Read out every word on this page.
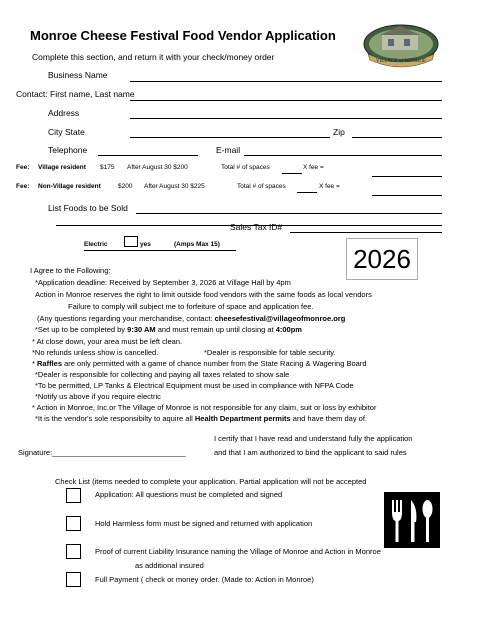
Monroe Cheese Festival Food Vendor Application
Complete this section, and return it with your check/money order	VILLAGE of MONROE
Business Name
Contact: First name, Last name
Address
City State	Zip
Telephone	E-mail
Fee: Village resident $175 After August 30 $200	Total # of spaces	X fee =
Fee: Non-Village resident	$200 After August 30 $225	Total # of spaces	X fee =
List Foods to be Sold
Sales Tax ID#
Electric	yes	(Amps Max 15)	2026
I Agree to the Following:
*Application deadline: Received by September 3, 2026 at Village Hall by 4pm
Action in Monroe reserves the right to limit outside food vendors with the same foods as local vendors
Failure to comply will subject me to forfeiture of space and application fee.
(Any questions regarding your merchandise, contact: cheesefestival@villageofmonroe.org
*Set up to be completed by 9:30 AM and must remain up until closing at 4:00pm
* At close down, your area must be left clean.
*No refunds unless show is cancelled.	*Dealer is responsible for table security.
* Raffles are only permitted with a game of chance number from the State Racing & Wagering Board
*Dealer is responsible for collecting and paying all taxes related to show sale
*To be permitted, LP Tanks & Electrical Equipment must be used in compliance with NFPA Code
*Notify us above if you require electric
* Action in Monroe, Inc.or The Village of Monroe is not responsible for any claim, suit or loss by exhibitor
*It is the vendor's sole responsibilty to aquire all Health Department permits and have them day of.
I certify that I have read and understand fully the application
Signature:________________________________	and that I am authorized to bind the applicant to said rules
Check List (items needed to complete your application. Partial application will not be accepted
Application: All questions must be completed and signed
Hold Harmless form must be signed and returned with application
Proof of current Liability Insurance naming the Village of Monroe and Action in Monroe
as additional insured
Full Payment ( check or money order. (Made to: Action in Monroe)
